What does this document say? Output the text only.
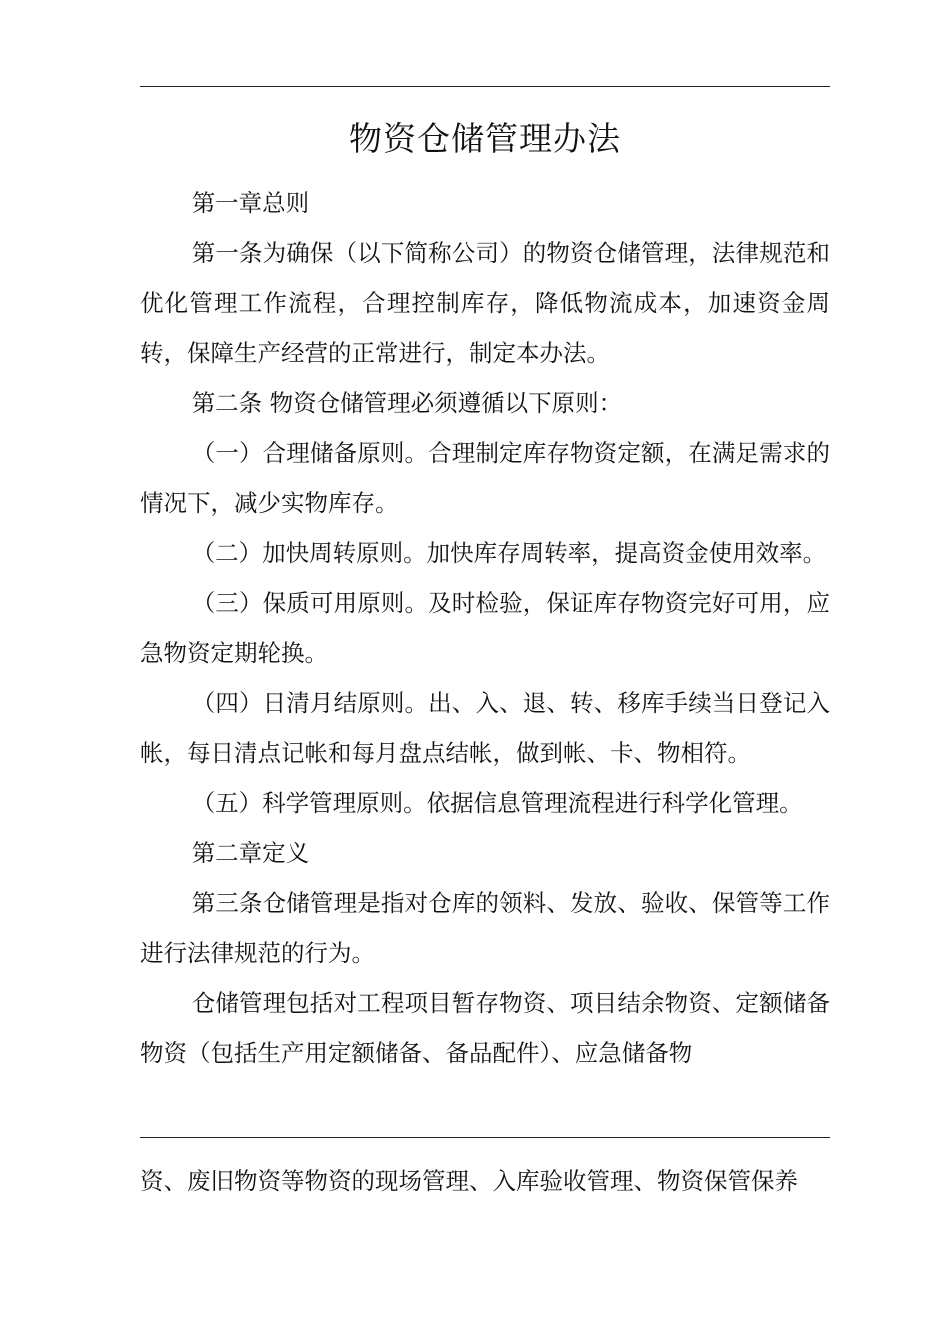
物资仓储管理办法

第一章总则

第一条为确保（以下简称公司）的物资仓储管理，法律规范和优化管理工作流程，合理控制库存，降低物流成本，加速资金周转，保障生产经营的正常进行，制定本办法。

第二条 物资仓储管理必须遵循以下原则：

（一）合理储备原则。合理制定库存物资定额，在满足需求的情况下，减少实物库存。

（二）加快周转原则。加快库存周转率，提高资金使用效率。

（三）保质可用原则。及时检验，保证库存物资完好可用，应急物资定期轮换。

（四）日清月结原则。出、入、退、转、移库手续当日登记入帐，每日清点记帐和每月盘点结帐，做到帐、卡、物相符。

（五）科学管理原则。依据信息管理流程进行科学化管理。

第二章定义

第三条仓储管理是指对仓库的领料、发放、验收、保管等工作进行法律规范的行为。

仓储管理包括对工程项目暂存物资、项目结余物资、定额储备物资（包括生产用定额储备、备品配件）、应急储备物

资、废旧物资等物资的现场管理、入库验收管理、物资保管保养
